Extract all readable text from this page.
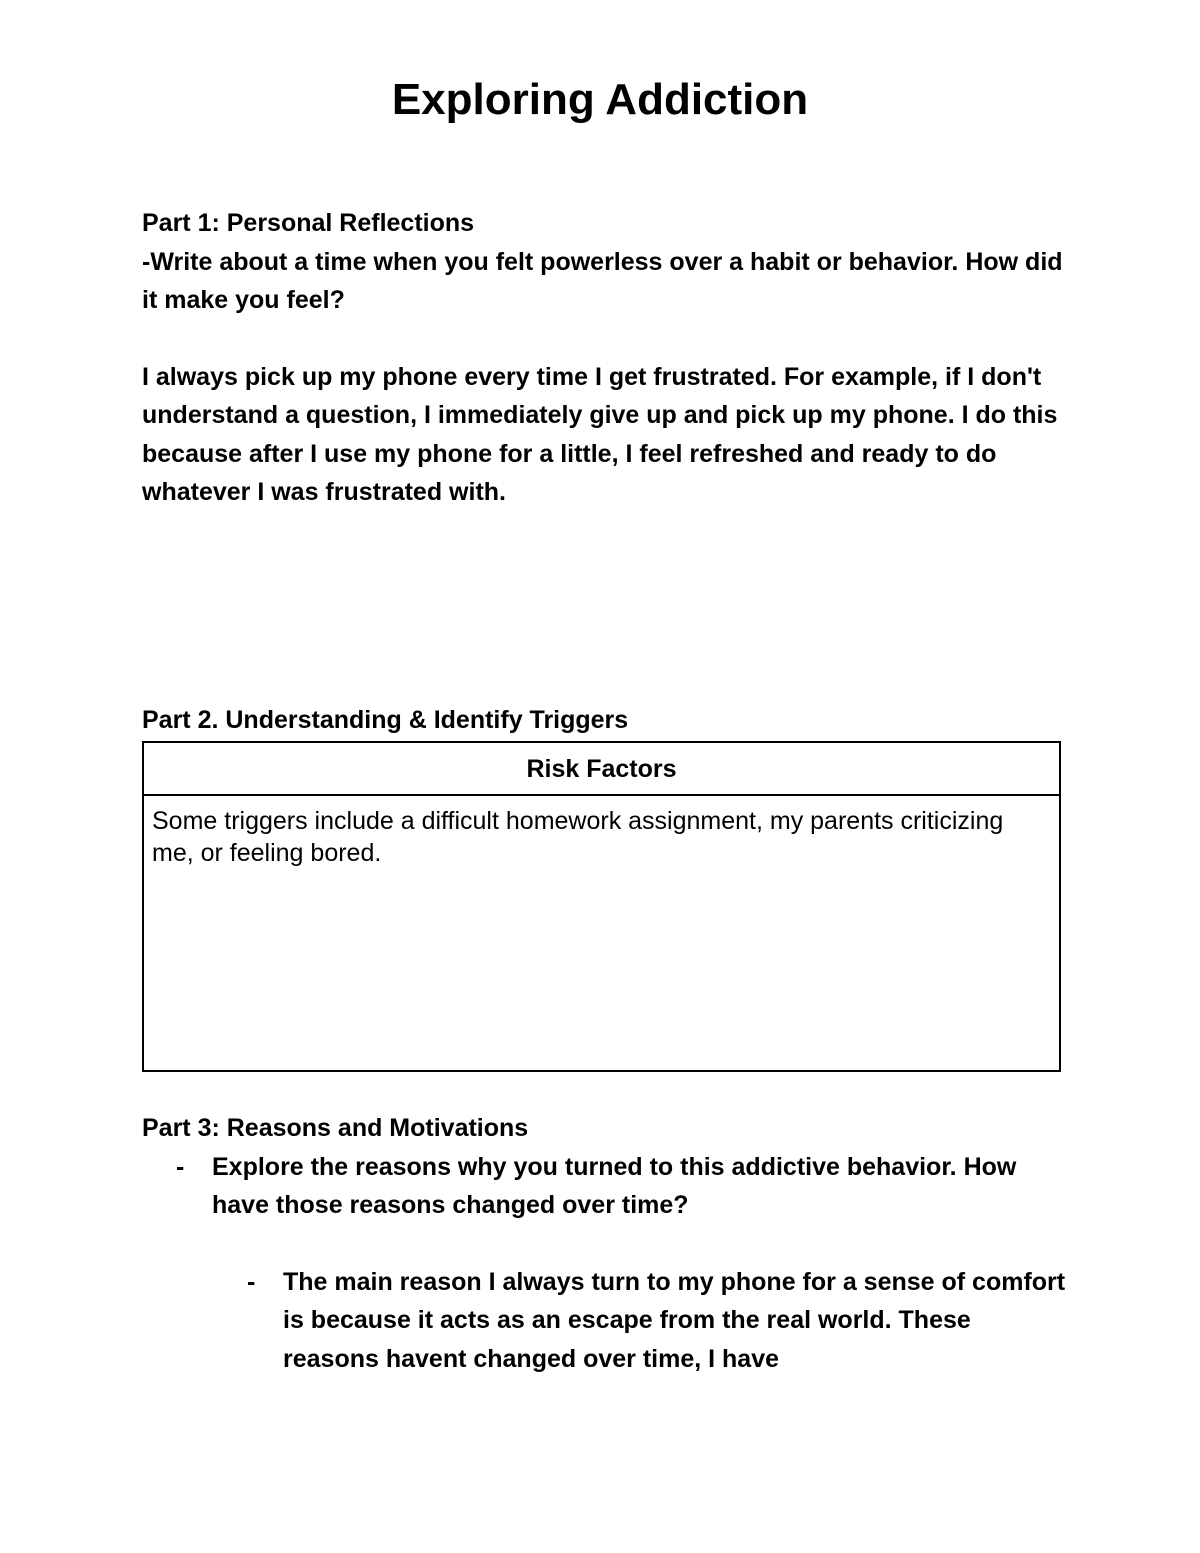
Exploring Addiction
Part 1: Personal Reflections
-Write about a time when you felt powerless over a habit or behavior. How did it make you feel?
I always pick up my phone every time I get frustrated. For example, if I don't understand a question, I immediately give up and pick up my phone. I do this because after I use my phone for a little, I feel refreshed and ready to do whatever I was frustrated with.
Part 2. Understanding & Identify Triggers
Risk Factors
Some triggers include a difficult homework assignment, my parents criticizing me, or feeling bored.
Part 3: Reasons and Motivations
- Explore the reasons why you turned to this addictive behavior. How have those reasons changed over time?
- The main reason I always turn to my phone for a sense of comfort is because it acts as an escape from the real world. These reasons havent changed over time, I have
